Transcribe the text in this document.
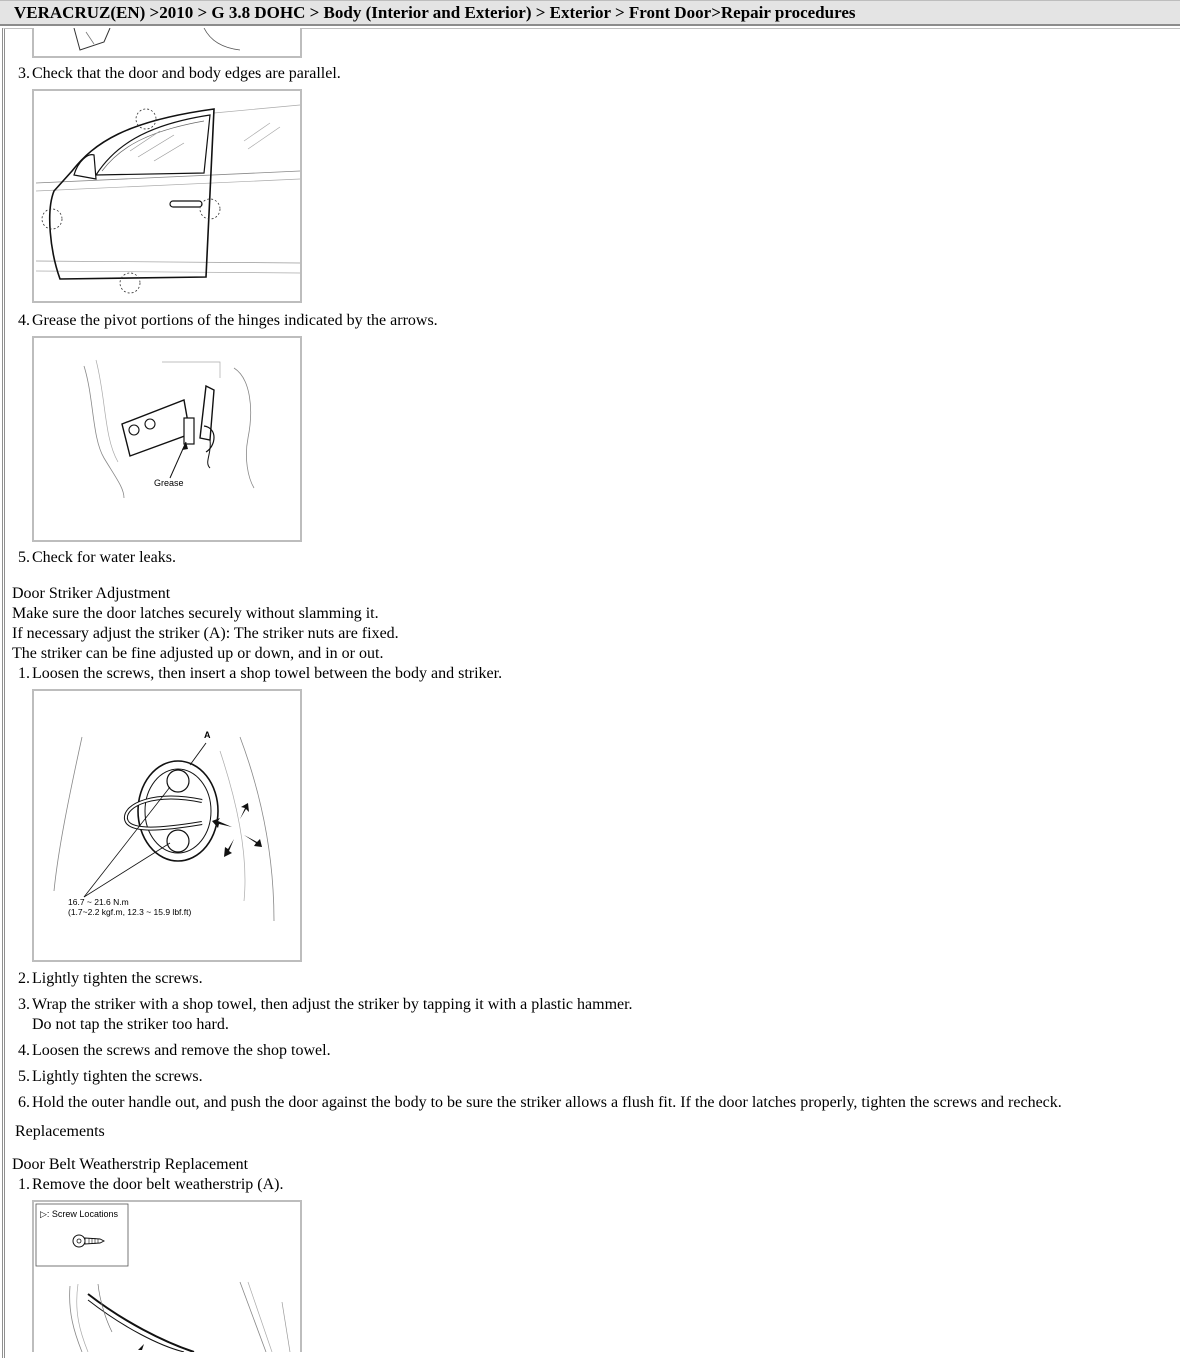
VERACRUZ(EN) >2010 > G 3.8 DOHC > Body (Interior and Exterior) > Exterior > Front Door>Repair procedures
3. Check that the door and body edges are parallel.
4. Grease the pivot portions of the hinges indicated by the arrows.
Grease
5. Check for water leaks.
Door Striker Adjustment
Make sure the door latches securely without slamming it.
If necessary adjust the striker (A): The striker nuts are fixed.
The striker can be fine adjusted up or down, and in or out.
1. Loosen the screws, then insert a shop towel between the body and striker.
A
16.7 ~ 21.6 N.m
(1.7~2.2 kgf.m, 12.3 ~ 15.9 lbf.ft)
2. Lightly tighten the screws.
3. Wrap the striker with a shop towel, then adjust the striker by tapping it with a plastic hammer.
Do not tap the striker too hard.
4. Loosen the screws and remove the shop towel.
5. Lightly tighten the screws.
6. Hold the outer handle out, and push the door against the body to be sure the striker allows a flush fit. If the door latches properly, tighten the screws and recheck.
Replacements
Door Belt Weatherstrip Replacement
1. Remove the door belt weatherstrip (A).
▷: Screw Locations
